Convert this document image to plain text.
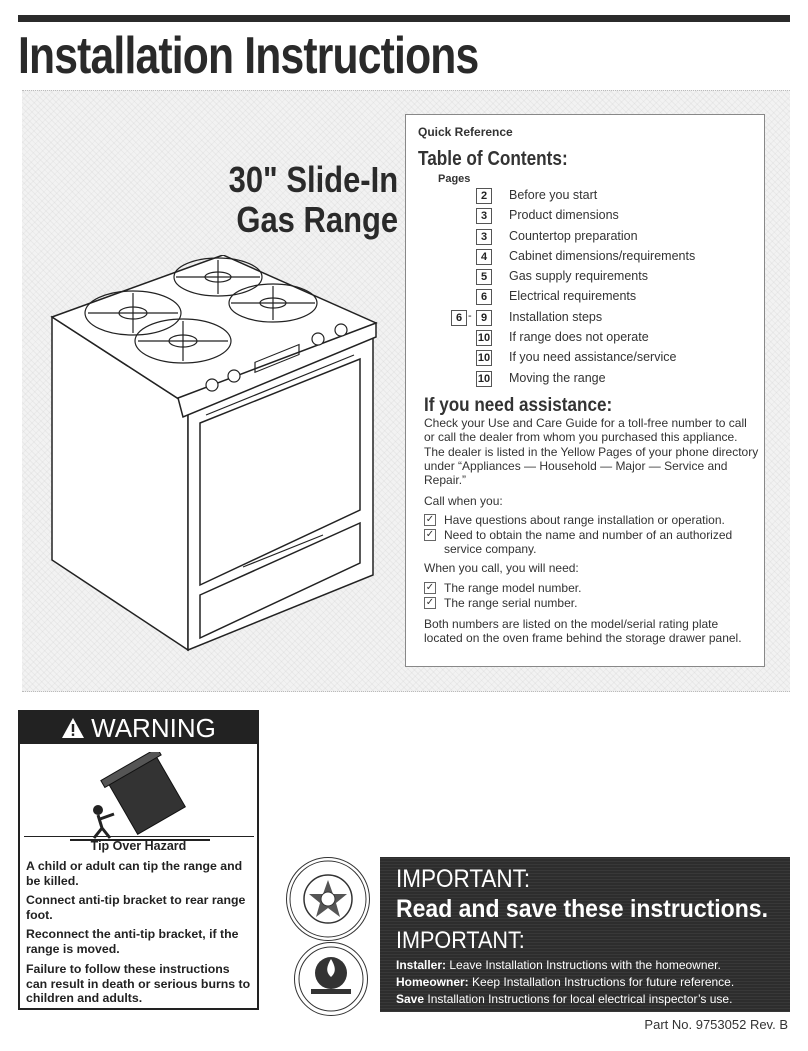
Installation Instructions
30" Slide-In
Gas Range
Quick Reference
Table of Contents:
Pages
2	Before you start
3	Product dimensions
3	Countertop preparation
4	Cabinet dimensions/requirements
5	Gas supply requirements
6	Electrical requirements
6 - 9	Installation steps
10 If range does not operate
10 If you need assistance/service
10 Moving the range
If you need assistance:
Check your Use and Care Guide for a toll-free number to call or call the dealer from whom you purchased this appliance. The dealer is listed in the Yellow Pages of your phone directory under “Appliances — Household — Major — Service and Repair.”
Call when you:
✓ Have questions about range installation or operation.
✓ Need to obtain the name and number of an authorized service company.
When you call, you will need:
✓ The range model number.
✓ The range serial number.
Both numbers are listed on the model/serial rating plate located on the oven frame behind the storage drawer panel.
WARNING
Tip Over Hazard
A child or adult can tip the range and be killed.
Connect anti-tip bracket to rear range foot.
Reconnect the anti-tip bracket, if the range is moved.
Failure to follow these instructions can result in death or serious burns to children and adults.
IMPORTANT:
Read and save these instructions.
IMPORTANT:
Installer: Leave Installation Instructions with the homeowner.
Homeowner: Keep Installation Instructions for future reference.
Save Installation Instructions for local electrical inspector’s use.
Part No. 9753052 Rev. B
